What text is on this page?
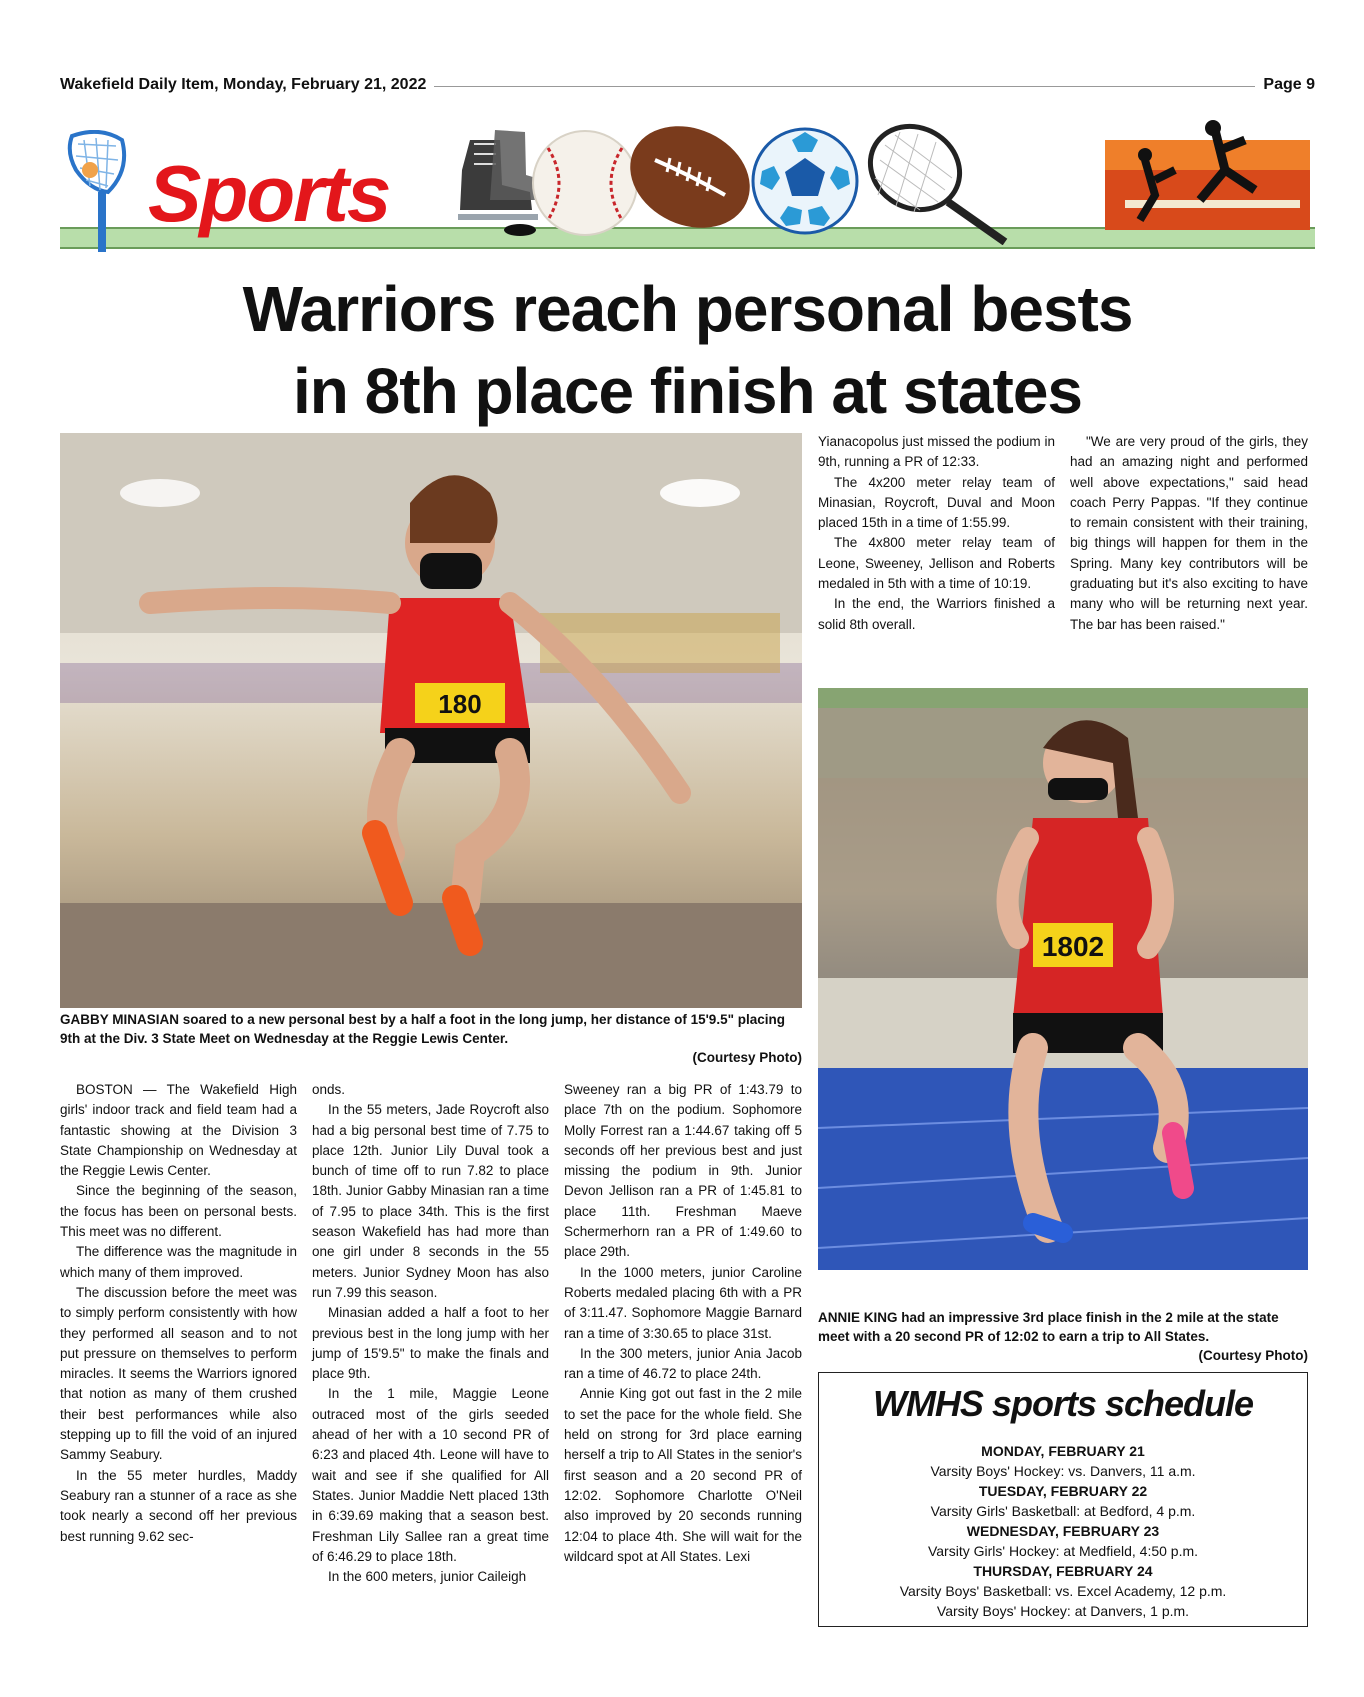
Wakefield Daily Item, Monday, February 21, 2022	Page 9
Sports
Warriors reach personal bests
in 8th place finish at states
180
GABBY MINASIAN soared to a new personal best by a half a foot in the long jump, her distance of 15'9.5" placing 9th at the Div. 3 State Meet on Wednesday at the Reggie Lewis Center.
(Courtesy Photo)
1802
ANNIE KING had an impressive 3rd place finish in the 2 mile at the state meet with a 20 second PR of 12:02 to earn a trip to All States.
(Courtesy Photo)

BOSTON — The Wakefield High girls' indoor track and field team had a fantastic showing at the Division 3 State Championship on Wednesday at the Reggie Lewis Center.

Since the beginning of the season, the focus has been on personal bests. This meet was no different.

The difference was the magnitude in which many of them improved.

The discussion before the meet was to simply perform consistently with how they performed all season and to not put pressure on themselves to perform miracles. It seems the Warriors ignored that notion as many of them crushed their best performances while also stepping up to fill the void of an injured Sammy Seabury.

In the 55 meter hurdles, Maddy Seabury ran a stunner of a race as she took nearly a second off her previous best running 9.62 sec-

onds.

In the 55 meters, Jade Roycroft also had a big personal best time of 7.75 to place 12th. Junior Lily Duval took a bunch of time off to run 7.82 to place 18th. Junior Gabby Minasian ran a time of 7.95 to place 34th. This is the first season Wakefield has had more than one girl under 8 seconds in the 55 meters. Junior Sydney Moon has also run 7.99 this season.

Minasian added a half a foot to her previous best in the long jump with her jump of 15'9.5" to make the finals and place 9th.

In the 1 mile, Maggie Leone outraced most of the girls seeded ahead of her with a 10 second PR of 6:23 and placed 4th. Leone will have to wait and see if she qualified for All States. Junior Maddie Nett placed 13th in 6:39.69 making that a season best. Freshman Lily Sallee ran a great time of 6:46.29 to place 18th.

In the 600 meters, junior Caileigh

Sweeney ran a big PR of 1:43.79 to place 7th on the podium. Sophomore Molly Forrest ran a 1:44.67 taking off 5 seconds off her previous best and just missing the podium in 9th. Junior Devon Jellison ran a PR of 1:45.81 to place 11th. Freshman Maeve Schermerhorn ran a PR of 1:49.60 to place 29th.

In the 1000 meters, junior Caroline Roberts medaled placing 6th with a PR of 3:11.47. Sophomore Maggie Barnard ran a time of 3:30.65 to place 31st.

In the 300 meters, junior Ania Jacob ran a time of 46.72 to place 24th.

Annie King got out fast in the 2 mile to set the pace for the whole field. She held on strong for 3rd place earning herself a trip to All States in the senior's first season and a 20 second PR of 12:02. Sophomore Charlotte O'Neil also improved by 20 seconds running 12:04 to place 4th. She will wait for the wildcard spot at All States. Lexi

Yianacopolus just missed the podium in 9th, running a PR of 12:33.

The 4x200 meter relay team of Minasian, Roycroft, Duval and Moon placed 15th in a time of 1:55.99.

The 4x800 meter relay team of Leone, Sweeney, Jellison and Roberts medaled in 5th with a time of 10:19.

In the end, the Warriors finished a solid 8th overall.

"We are very proud of the girls, they had an amazing night and performed well above expectations," said head coach Perry Pappas. "If they continue to remain consistent with their training, big things will happen for them in the Spring. Many key contributors will be graduating but it's also exciting to have many who will be returning next year. The bar has been raised."

WMHS sports schedule
MONDAY, FEBRUARY 21
Varsity Boys' Hockey: vs. Danvers, 11 a.m.
TUESDAY, FEBRUARY 22
Varsity Girls' Basketball: at Bedford, 4 p.m.
WEDNESDAY, FEBRUARY 23
Varsity Girls' Hockey: at Medfield, 4:50 p.m.
THURSDAY, FEBRUARY 24
Varsity Boys' Basketball: vs. Excel Academy, 12 p.m.
Varsity Boys' Hockey: at Danvers, 1 p.m.
